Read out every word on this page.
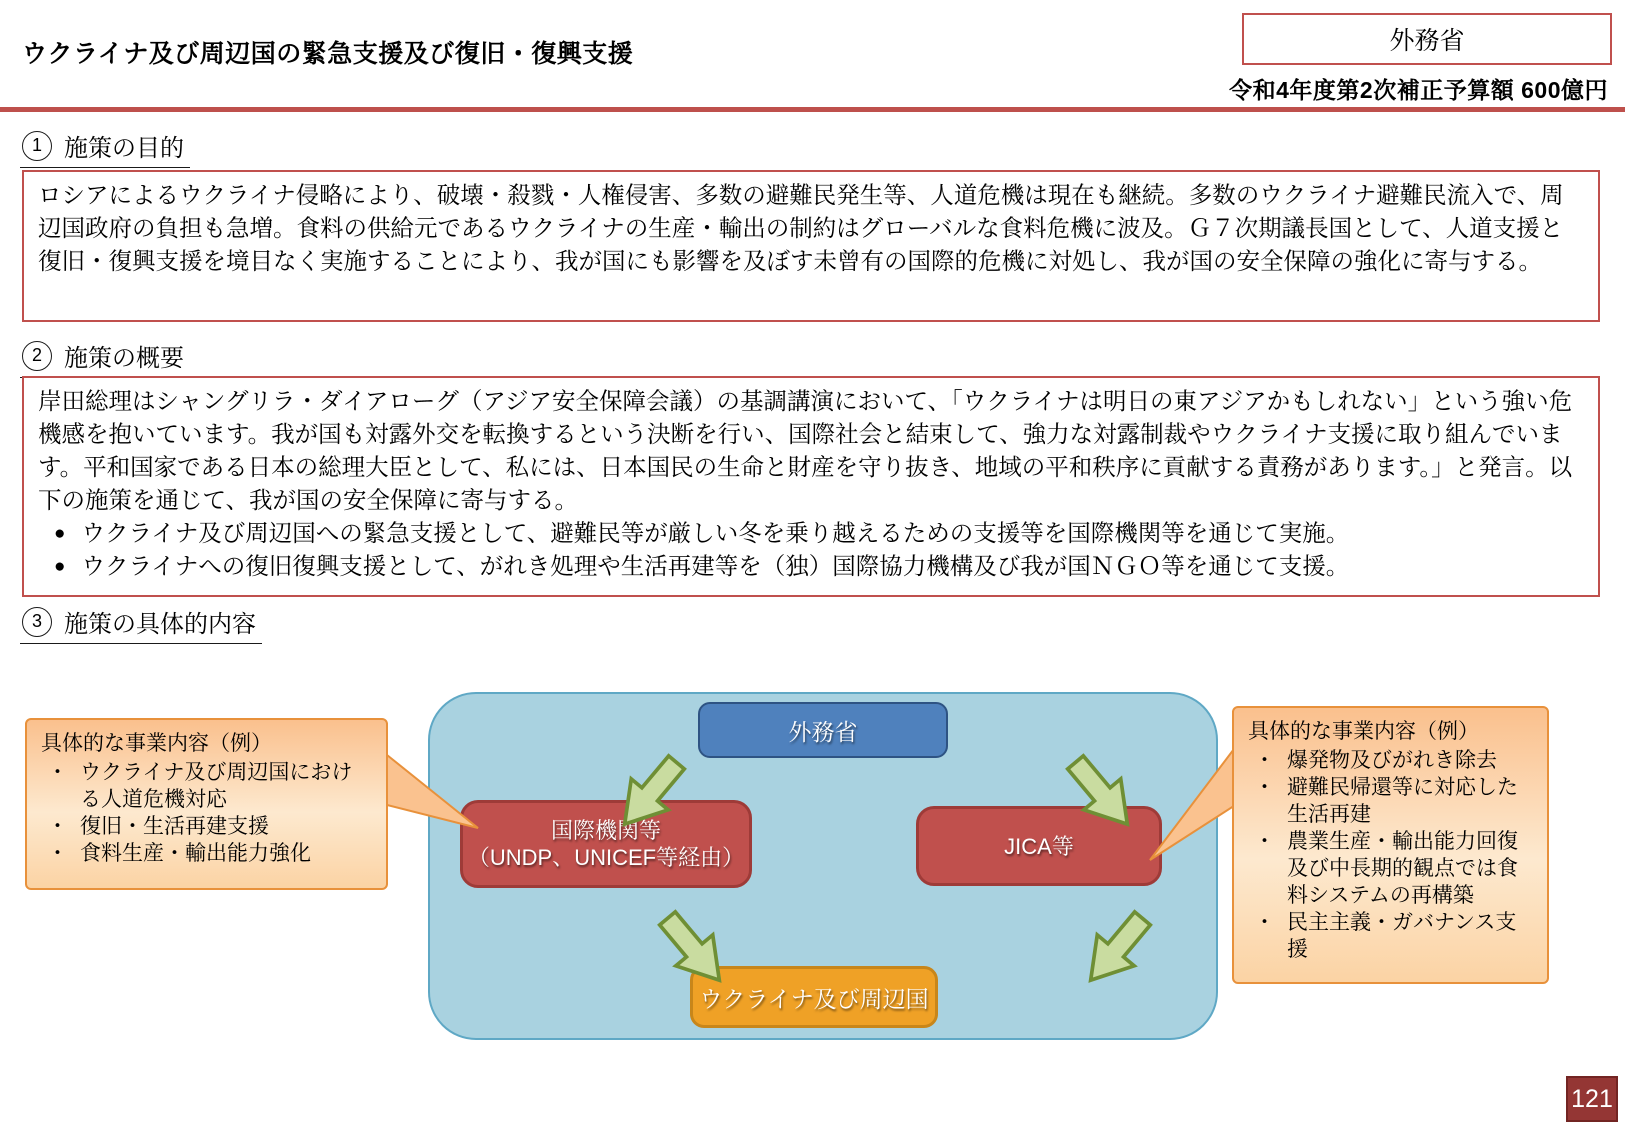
ウクライナ及び周辺国の緊急支援及び復旧・復興支援	外務省
令和4年度第2次補正予算額 600億円
1 施策の目的
ロシアによるウクライナ侵略により、破壊・殺戮・人権侵害、多数の避難民発生等、人道危機は現在も継続。多数のウクライナ避難民流入で、周辺国政府の負担も急増。食料の供給元であるウクライナの生産・輸出の制約はグローバルな食料危機に波及。Ｇ７次期議長国として、人道支援と復旧・復興支援を境目なく実施することにより、我が国にも影響を及ぼす未曾有の国際的危機に対処し、我が国の安全保障の強化に寄与する。
2 施策の概要
岸田総理はシャングリラ・ダイアローグ（アジア安全保障会議）の基調講演において、「ウクライナは明日の東アジアかもしれない」という強い危機感を抱いています。我が国も対露外交を転換するという決断を行い、国際社会と結束して、強力な対露制裁やウクライナ支援に取り組んでいます。平和国家である日本の総理大臣として、私には、日本国民の生命と財産を守り抜き、地域の平和秩序に貢献する責務があります。」と発言。以下の施策を通じて、我が国の安全保障に寄与する。
● ウクライナ及び周辺国への緊急支援として、避難民等が厳しい冬を乗り越えるための支援等を国際機関等を通じて実施。
● ウクライナへの復旧復興支援として、がれき処理や生活再建等を（独）国際協力機構及び我が国ＮＧＯ等を通じて支援。
3 施策の具体的内容
外務省
国際機関等
（UNDP、UNICEF等経由）	JICA等
ウクライナ及び周辺国
具体的な事業内容（例）
・ ウクライナ及び周辺国における人道危機対応
・ 復旧・生活再建支援
・ 食料生産・輸出能力強化
具体的な事業内容（例）
・ 爆発物及びがれき除去
・ 避難民帰還等に対応した生活再建
・ 農業生産・輸出能力回復及び中長期的観点では食料システムの再構築
・ 民主主義・ガバナンス支援
121
